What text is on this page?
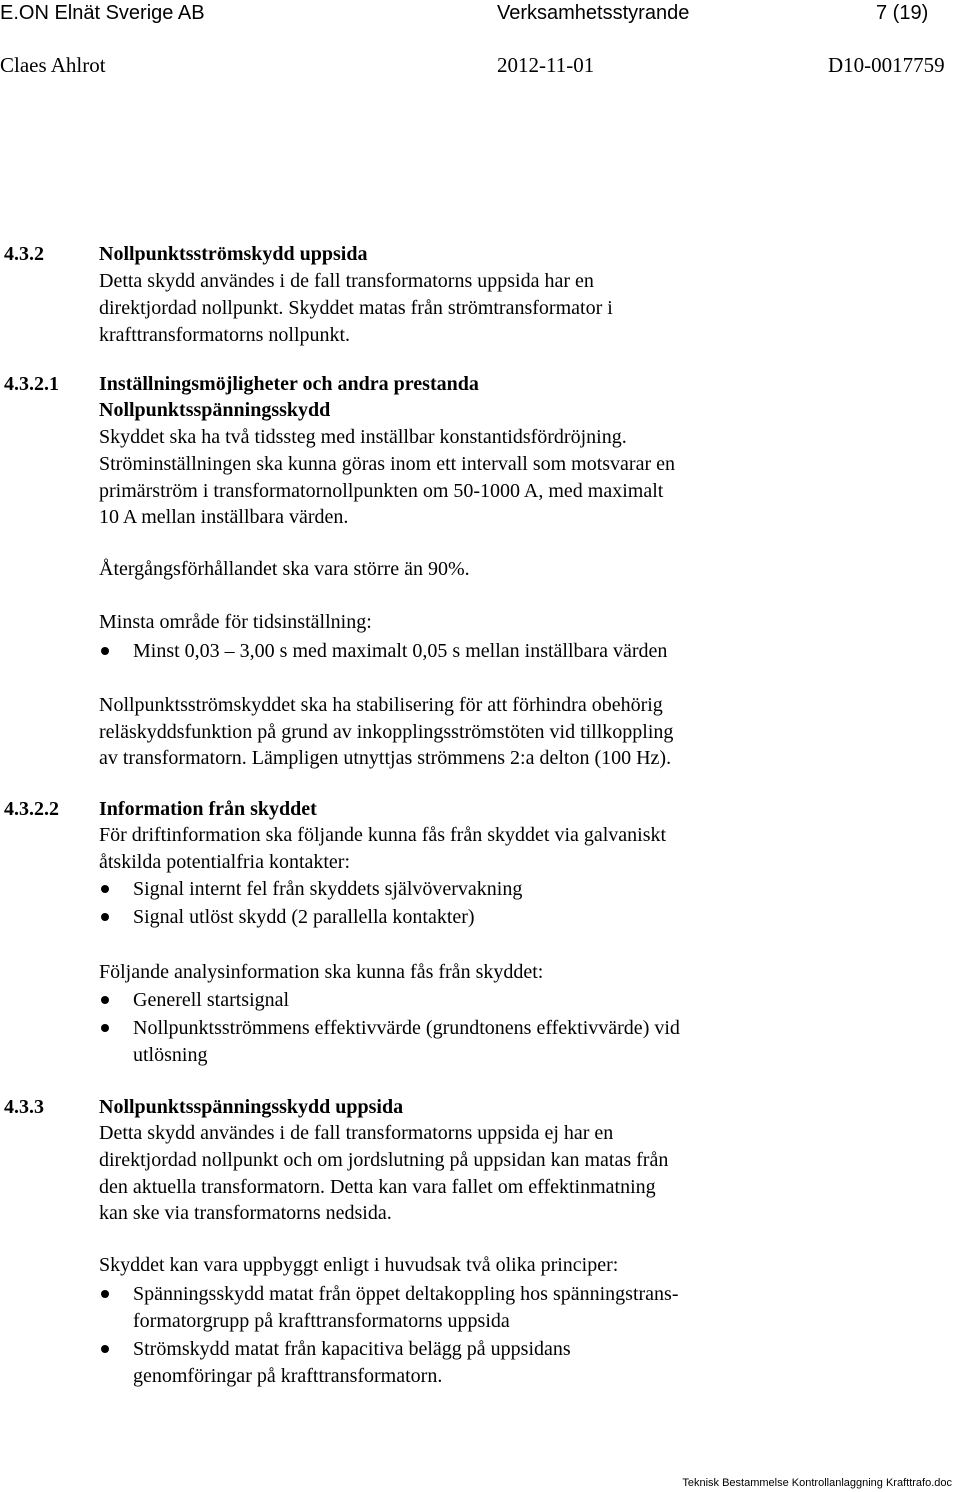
E.ON Elnät Sverige AB	Verksamhetsstyrande	7 (19)
Claes Ahlrot	2012-11-01	D10-0017759
4.3.2	Nollpunktsströmskydd uppsida
Detta skydd användes i de fall transformatorns uppsida har en
direktjordad nollpunkt. Skyddet matas från strömtransformator i
krafttransformatorns nollpunkt.
4.3.2.1 Inställningsmöjligheter och andra prestanda
Nollpunktsspänningsskydd
Skyddet ska ha två tidssteg med inställbar konstantidsfördröjning.
Ströminställningen ska kunna göras inom ett intervall som motsvarar en
primärström i transformatornollpunkten om 50-1000 A, med maximalt
10 A mellan inställbara värden.
Återgångsförhållandet ska vara större än 90%.
Minsta område för tidsinställning:
Minst 0,03 – 3,00 s med maximalt 0,05 s mellan inställbara värden
Nollpunktsströmskyddet ska ha stabilisering för att förhindra obehörig
reläskyddsfunktion på grund av inkopplingsströmstöten vid tillkoppling
av transformatorn. Lämpligen utnyttjas strömmens 2:a delton (100 Hz).
4.3.2.2 Information från skyddet
För driftinformation ska följande kunna fås från skyddet via galvaniskt
åtskilda potentialfria kontakter:
Signal internt fel från skyddets självövervakning
Signal utlöst skydd (2 parallella kontakter)
Följande analysinformation ska kunna fås från skyddet:
Generell startsignal
Nollpunktsströmmens effektivvärde (grundtonens effektivvärde) vid
utlösning
4.3.3	Nollpunktsspänningsskydd uppsida
Detta skydd användes i de fall transformatorns uppsida ej har en
direktjordad nollpunkt och om jordslutning på uppsidan kan matas från
den aktuella transformatorn. Detta kan vara fallet om effektinmatning
kan ske via transformatorns nedsida.
Skyddet kan vara uppbyggt enligt i huvudsak två olika principer:
Spänningsskydd matat från öppet deltakoppling hos spänningstrans-
formatorgrupp på krafttransformatorns uppsida
Strömskydd matat från kapacitiva belägg på uppsidans
genomföringar på krafttransformatorn.
Teknisk Bestammelse Kontrollanlaggning Krafttrafo.doc
